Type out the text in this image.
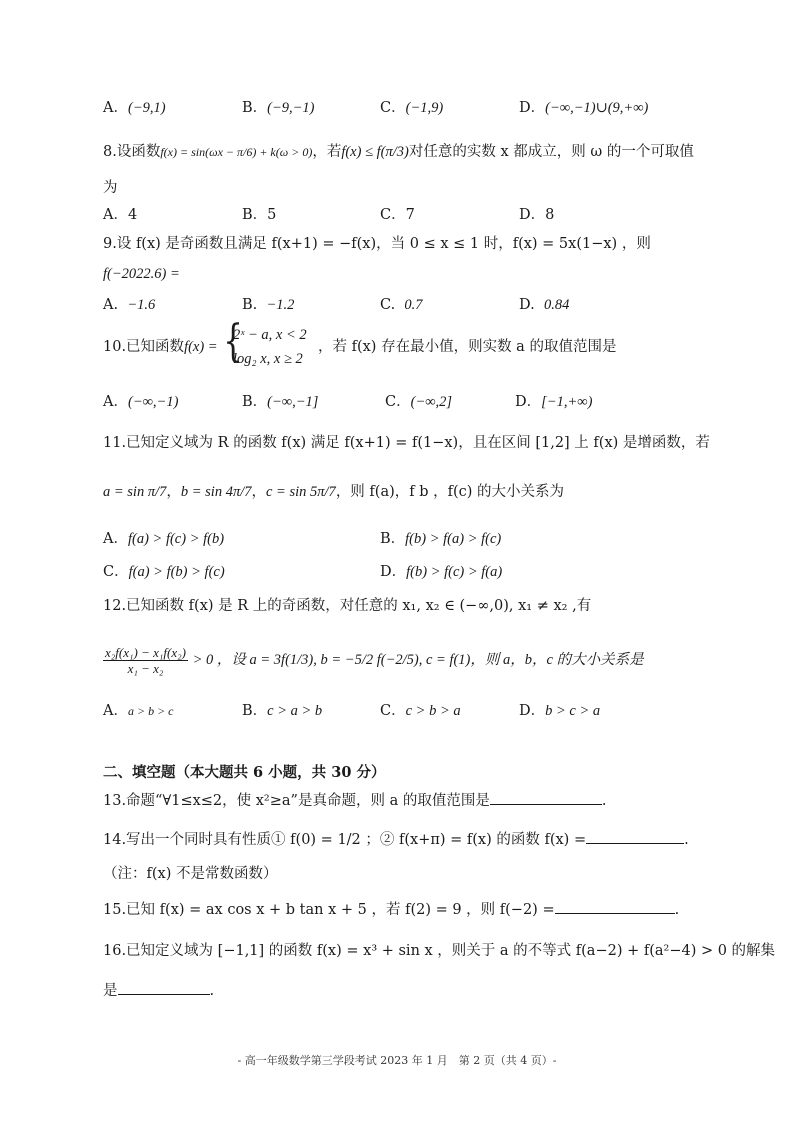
A．(−9,1)	B．(−9,−1)	C．(−1,9)	D．(−∞,−1)∪(9,+∞)
8.设函数f(x) = sin(ωx − π/6) + k(ω > 0)，若f(x) ≤ f(π/3)对任意的实数 x 都成立，则 ω 的一个可取值
为
A．4	B．5	C．7	D．8
9.设 f(x) 是奇函数且满足 f(x+1) = −f(x)，当 0 ≤ x ≤ 1 时，f(x) = 5x(1−x) ，则
f(−2022.6) =
A. −1.6	B. −1.2	C. 0.7	D. 0.84
10.已知函数f(x) = {
2ˣ − a, x < 2
log₂ x, x ≥ 2
，若 f(x) 存在最小值，则实数 a 的取值范围是
A．(−∞,−1)	B．(−∞,−1]	C．(−∞,2]	D．[−1,+∞)
11.已知定义域为 R 的函数 f(x) 满足 f(x+1) = f(1−x)，且在区间 [1,2] 上 f(x) 是增函数，若
a = sin π/7，b = sin 4π/7，c = sin 5π/7，则 f(a)，f b ，f(c) 的大小关系为
A．f(a) > f(c) > f(b)	B．f(b) > f(a) > f(c)
C．f(a) > f(b) > f(c)	D．f(b) > f(c) > f(a)
12.已知函数 f(x) 是 R 上的奇函数，对任意的 x₁, x₂ ∈ (−∞,0), x₁ ≠ x₂ ,有
$\frac{\text{x₂f(x₁) − x₁f(x₂)}}{\text{x₁ − x₂}} > 0$ ，设 a = 3f(1/3), b = −5/2 f(−2/5), c = f(1)，则 a，b，c 的大小关系是
A．a > b > c	B．c > a > b	C．c > b > a	D．b > c > a
二、填空题（本大题共 6 小题，共 30 分）
13.命题“∀1≤x≤2，使 x²≥a”是真命题，则 a 的取值范围是	.
14.写出一个同时具有性质① f(0) = 1/2 ；② f(x+π) = f(x) 的函数 f(x) =	.
（注：f(x) 不是常数函数）
15.已知 f(x) = ax cos x + b tan x + 5 ，若 f(2) = 9 ，则 f(−2) =	.
16.已知定义域为 [−1,1] 的函数 f(x) = x³ + sin x ，则关于 a 的不等式 f(a−2) + f(a²−4) > 0 的解集
是	.
- 高一年级数学第三学段考试 2023 年 1 月　第 2 页（共 4 页）-
